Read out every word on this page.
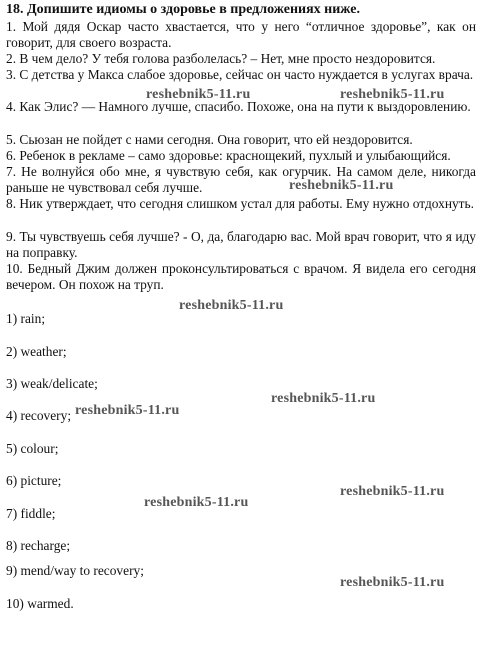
18. Допишите идиомы о здоровье в предложениях ниже.
1. Мой дядя Оскар часто хвастается, что у него “отличное здоровье”, как он говорит, для своего возраста.
2. В чем дело? У тебя голова разболелась? – Нет, мне просто нездоровится.
3. С детства у Макса слабое здоровье, сейчас он часто нуждается в услугах врача.
4. Как Элис? — Намного лучше, спасибо. Похоже, она на пути к выздоровлению.
5. Сьюзан не пойдет с нами сегодня. Она говорит, что ей нездоровится.
6. Ребенок в рекламе – само здоровье: краснощекий, пухлый и улыбающийся.
7. Не волнуйся обо мне, я чувствую себя, как огурчик. На самом деле, никогда раньше не чувствовал себя лучше.
8. Ник утверждает, что сегодня слишком устал для работы. Ему нужно отдохнуть.
9. Ты чувствуешь себя лучше? - О, да, благодарю вас. Мой врач говорит, что я иду на поправку.
10. Бедный Джим должен проконсультироваться с врачом. Я видела его сегодня вечером. Он похож на труп.
1) rain;
2) weather;
3) weak/delicate;
4) recovery;
5) colour;
6) picture;
7) fiddle;
8) recharge;
9) mend/way to recovery;
10) warmed.
reshebnik5-11.ru	reshebnik5-11.ru
reshebnik5-11.ru
reshebnik5-11.ru
reshebnik5-11.ru
reshebnik5-11.ru
reshebnik5-11.ru
reshebnik5-11.ru
reshebnik5-11.ru
